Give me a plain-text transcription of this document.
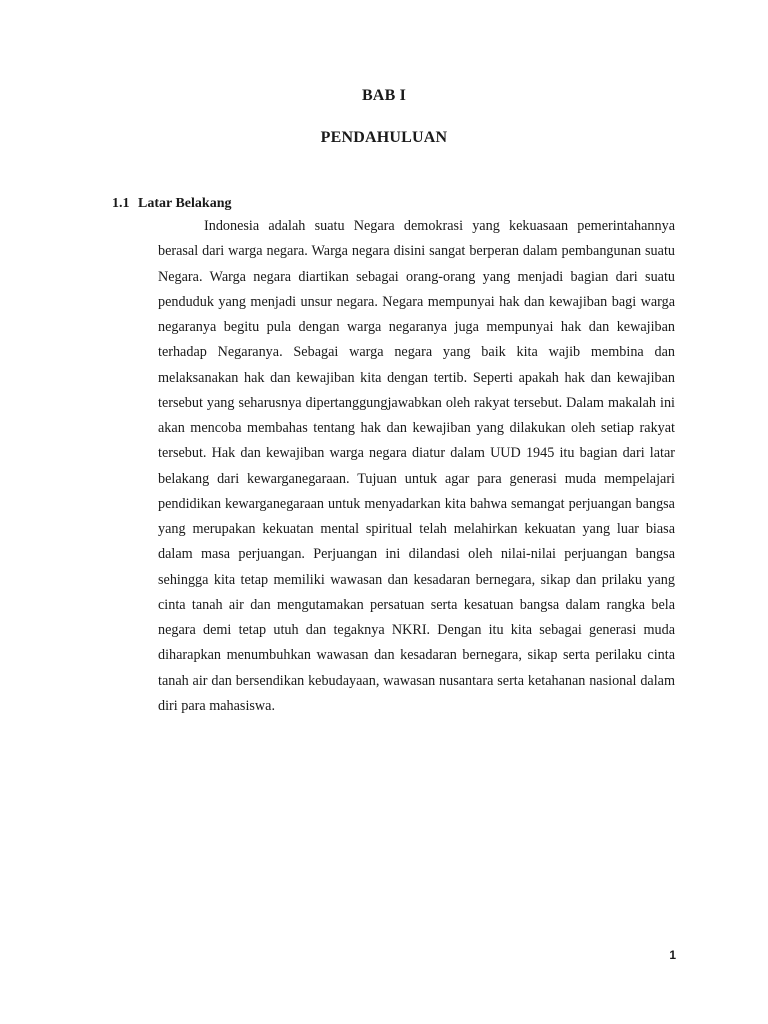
BAB I
PENDAHULUAN
1.1 Latar Belakang

Indonesia adalah suatu Negara demokrasi yang kekuasaan pemerintahannya berasal dari warga negara. Warga negara disini sangat berperan dalam pembangunan suatu Negara. Warga negara diartikan sebagai orang-orang yang menjadi bagian dari suatu penduduk yang menjadi unsur negara. Negara mempunyai hak dan kewajiban bagi warga negaranya begitu pula dengan warga negaranya juga mempunyai hak dan kewajiban terhadap Negaranya. Sebagai warga negara yang baik kita wajib membina dan melaksanakan hak dan kewajiban kita dengan tertib. Seperti apakah hak dan kewajiban tersebut yang seharusnya dipertanggungjawabkan oleh rakyat tersebut. Dalam makalah ini akan mencoba membahas tentang hak dan kewajiban yang dilakukan oleh setiap rakyat tersebut. Hak dan kewajiban warga negara diatur dalam UUD 1945 itu bagian dari latar belakang dari kewarganegaraan. Tujuan untuk agar para generasi muda mempelajari pendidikan kewarganegaraan untuk menyadarkan kita bahwa semangat perjuangan bangsa yang merupakan kekuatan mental spiritual telah melahirkan kekuatan yang luar biasa dalam masa perjuangan. Perjuangan ini dilandasi oleh nilai-nilai perjuangan bangsa sehingga kita tetap memiliki wawasan dan kesadaran bernegara, sikap dan prilaku yang cinta tanah air dan mengutamakan persatuan serta kesatuan bangsa dalam rangka bela negara demi tetap utuh dan tegaknya NKRI. Dengan itu kita sebagai generasi muda diharapkan menumbuhkan wawasan dan kesadaran bernegara, sikap serta perilaku cinta tanah air dan bersendikan kebudayaan, wawasan nusantara serta ketahanan nasional dalam diri para mahasiswa.

1
